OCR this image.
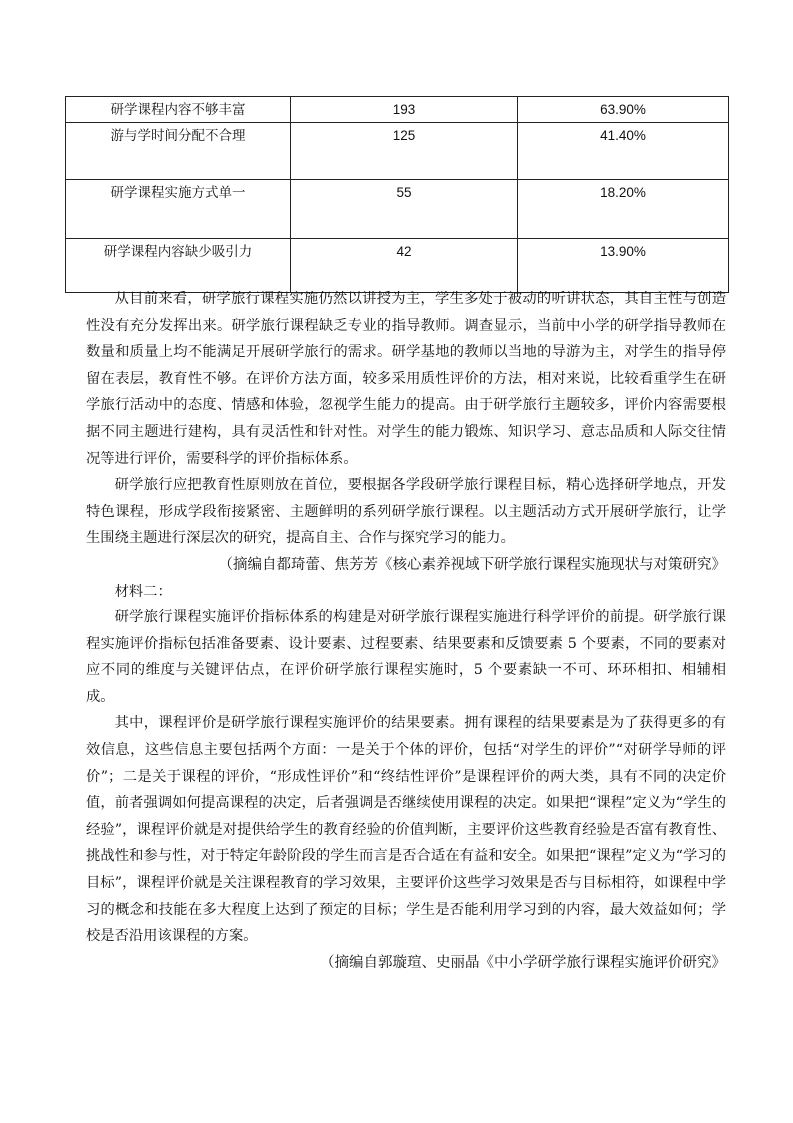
研学课程内容不够丰富	193	63.90%
游与学时间分配不合理	125	41.40%
研学课程实施方式单一	55	18.20%
研学课程内容缺少吸引力	42	13.90%

从目前来看，研学旅行课程实施仍然以讲授为主，学生多处于被动的听讲状态，其自主性与创造性没有充分发挥出来。研学旅行课程缺乏专业的指导教师。调查显示，当前中小学的研学指导教师在数量和质量上均不能满足开展研学旅行的需求。研学基地的教师以当地的导游为主，对学生的指导停留在表层，教育性不够。在评价方法方面，较多采用质性评价的方法，相对来说，比较看重学生在研学旅行活动中的态度、情感和体验，忽视学生能力的提高。由于研学旅行主题较多，评价内容需要根据不同主题进行建构，具有灵活性和针对性。对学生的能力锻炼、知识学习、意志品质和人际交往情况等进行评价，需要科学的评价指标体系。

研学旅行应把教育性原则放在首位，要根据各学段研学旅行课程目标，精心选择研学地点，开发特色课程，形成学段衔接紧密、主题鲜明的系列研学旅行课程。以主题活动方式开展研学旅行，让学生围绕主题进行深层次的研究，提高自主、合作与探究学习的能力。

（摘编自都琦蕾、焦芳芳《核心素养视域下研学旅行课程实施现状与对策研究》

材料二：

研学旅行课程实施评价指标体系的构建是对研学旅行课程实施进行科学评价的前提。研学旅行课程实施评价指标包括准备要素、设计要素、过程要素、结果要素和反馈要素 5 个要素，不同的要素对应不同的维度与关键评估点，在评价研学旅行课程实施时，5 个要素缺一不可、环环相扣、相辅相成。

其中，课程评价是研学旅行课程实施评价的结果要素。拥有课程的结果要素是为了获得更多的有效信息，这些信息主要包括两个方面：一是关于个体的评价，包括“对学生的评价”“对研学导师的评价”；二是关于课程的评价，“形成性评价”和“终结性评价”是课程评价的两大类，具有不同的决定价值，前者强调如何提高课程的决定，后者强调是否继续使用课程的决定。如果把“课程”定义为“学生的经验”，课程评价就是对提供给学生的教育经验的价值判断，主要评价这些教育经验是否富有教育性、挑战性和参与性，对于特定年龄阶段的学生而言是否合适在有益和安全。如果把“课程”定义为“学习的目标”，课程评价就是关注课程教育的学习效果，主要评价这些学习效果是否与目标相符，如课程中学习的概念和技能在多大程度上达到了预定的目标；学生是否能利用学习到的内容，最大效益如何；学校是否沿用该课程的方案。

（摘编自郭璇瑄、史丽晶《中小学研学旅行课程实施评价研究》
